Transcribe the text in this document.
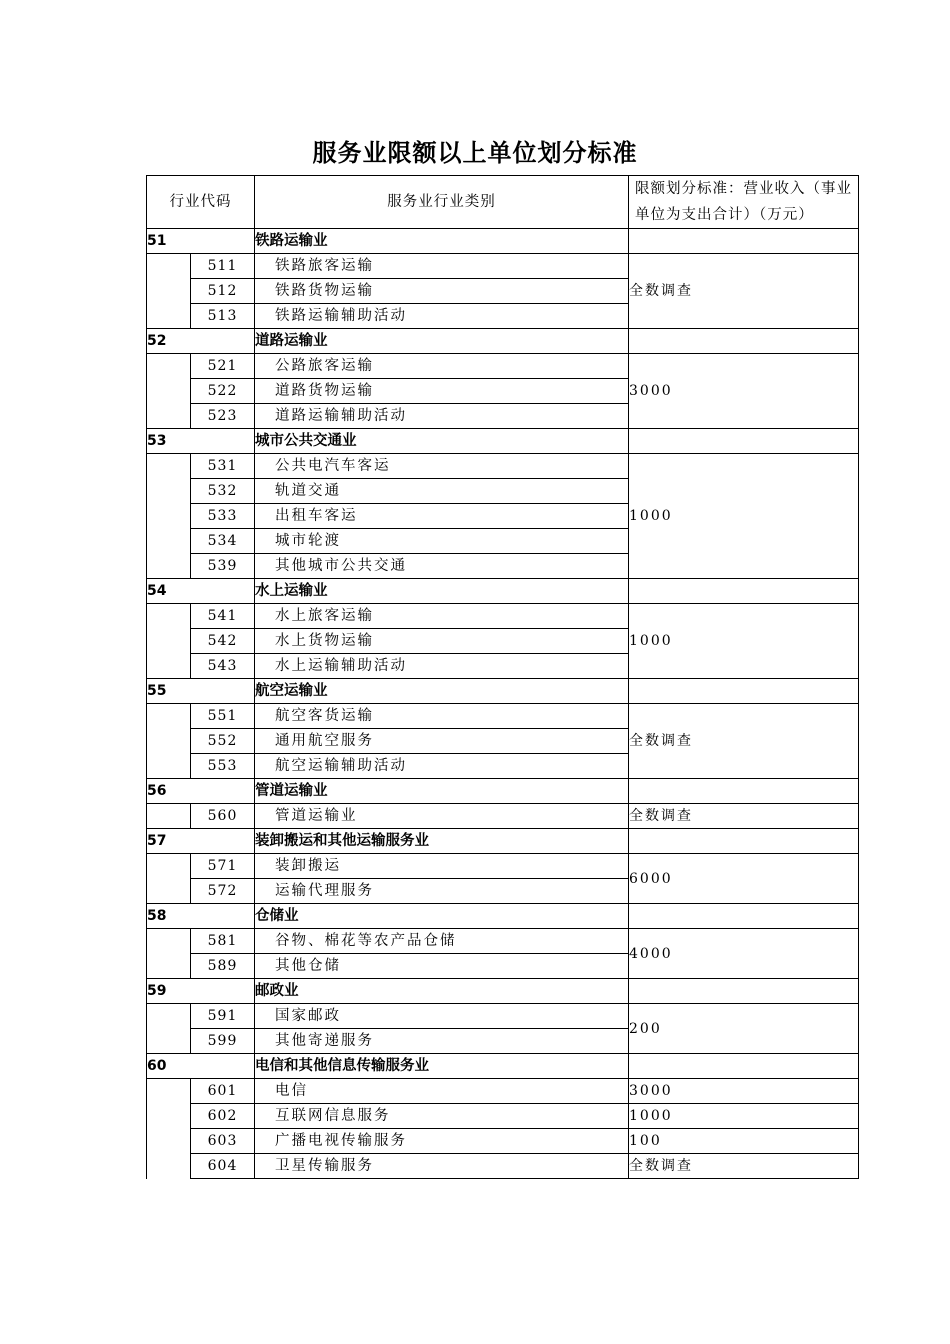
服务业限额以上单位划分标准
行业代码		服务业行业类别	限额划分标准：营业收入（事业单位为支出合计）（万元）
51		铁路运输业	
	511	铁路旅客运输	全数调查
	512	铁路货物运输	
	513	铁路运输辅助活动	
52		道路运输业	
	521	公路旅客运输	3000
	522	道路货物运输	
	523	道路运输辅助活动	
53		城市公共交通业	
	531	公共电汽车客运	1000
	532	轨道交通	
	533	出租车客运	
	534	城市轮渡	
	539	其他城市公共交通	
54		水上运输业	
	541	水上旅客运输	1000
	542	水上货物运输	
	543	水上运输辅助活动	
55		航空运输业	
	551	航空客货运输	全数调查
	552	通用航空服务	
	553	航空运输辅助活动	
56		管道运输业	
	560	管道运输业	全数调查
57		装卸搬运和其他运输服务业	
	571	装卸搬运	6000
	572	运输代理服务	
58		仓储业	
	581	谷物、棉花等农产品仓储	4000
	589	其他仓储	
59		邮政业	
	591	国家邮政	200
	599	其他寄递服务	
60		电信和其他信息传输服务业	
	601	电信	3000
	602	互联网信息服务	1000
	603	广播电视传输服务	100
	604	卫星传输服务	全数调查
